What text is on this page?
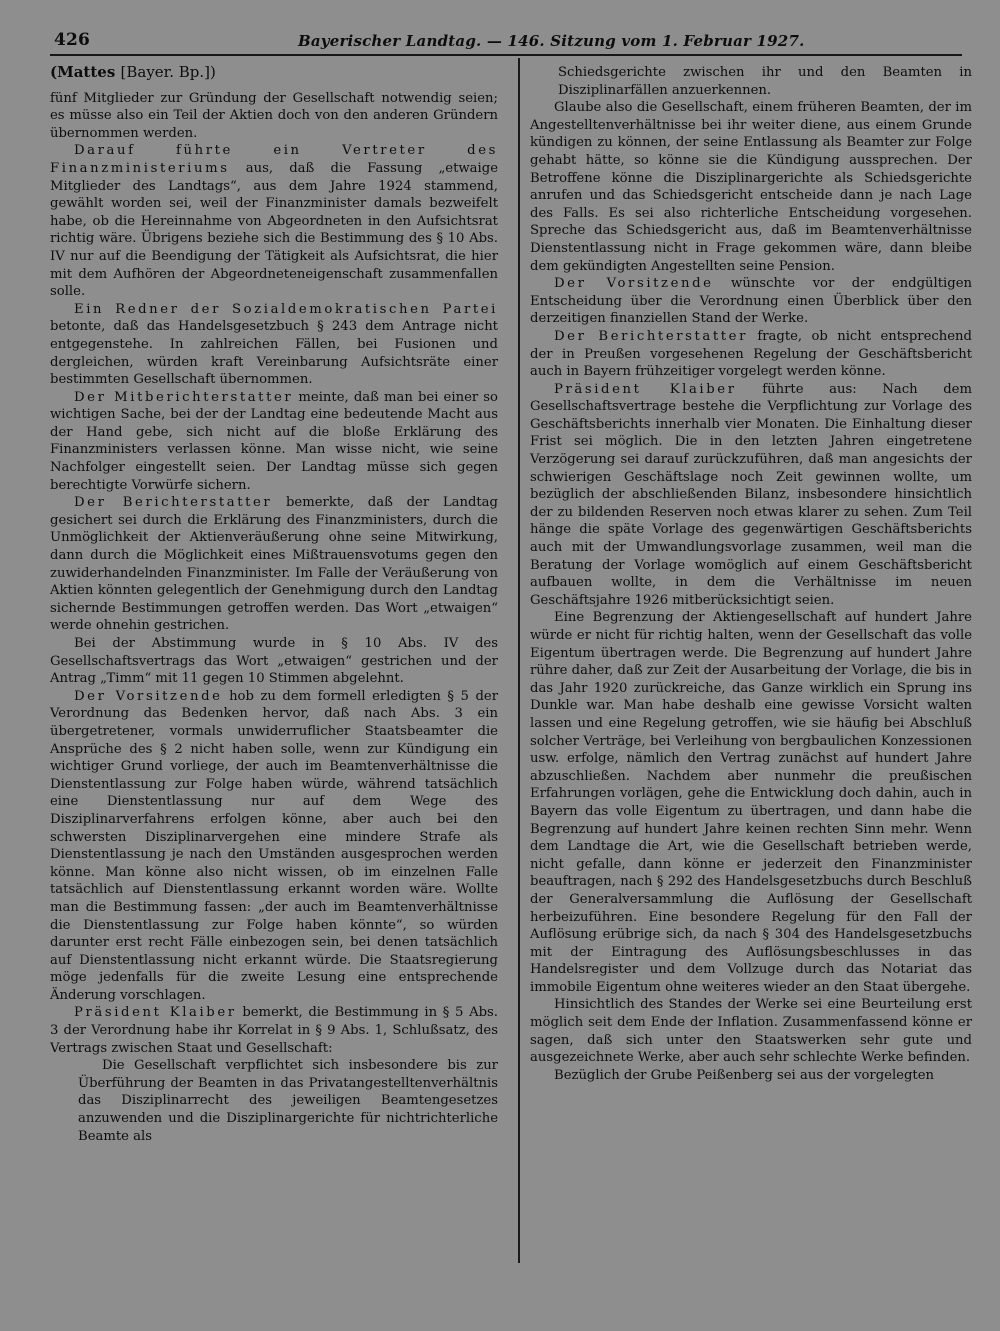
426	Bayerischer Landtag. — 146. Sitzung vom 1. Februar 1927.
(Mattes [Bayer. Bp.])

fünf Mitglieder zur Gründung der Gesellschaft notwendig seien; es müsse also ein Teil der Aktien doch von den anderen Gründern übernommen werden.

Darauf führte ein Vertreter des Finanzministeriums aus, daß die Fassung „etwaige Mitglieder des Landtags“, aus dem Jahre 1924 stammend, gewählt worden sei, weil der Finanzminister damals bezweifelt habe, ob die Hereinnahme von Abgeordneten in den Aufsichtsrat richtig wäre. Übrigens beziehe sich die Bestimmung des § 10 Abs. IV nur auf die Beendigung der Tätigkeit als Aufsichtsrat, die hier mit dem Aufhören der Abgeordneteneigenschaft zusammenfallen solle.

Ein Redner der Sozialdemokratischen Partei betonte, daß das Handelsgesetzbuch § 243 dem Antrage nicht entgegenstehe. In zahlreichen Fällen, bei Fusionen und dergleichen, würden kraft Vereinbarung Aufsichtsräte einer bestimmten Gesellschaft übernommen.

Der Mitberichterstatter meinte, daß man bei einer so wichtigen Sache, bei der der Landtag eine bedeutende Macht aus der Hand gebe, sich nicht auf die bloße Erklärung des Finanzministers verlassen könne. Man wisse nicht, wie seine Nachfolger eingestellt seien. Der Landtag müsse sich gegen berechtigte Vorwürfe sichern.

Der Berichterstatter bemerkte, daß der Landtag gesichert sei durch die Erklärung des Finanzministers, durch die Unmöglichkeit der Aktienveräußerung ohne seine Mitwirkung, dann durch die Möglichkeit eines Mißtrauensvotums gegen den zuwiderhandelnden Finanzminister. Im Falle der Veräußerung von Aktien könnten gelegentlich der Genehmigung durch den Landtag sichernde Bestimmungen getroffen werden. Das Wort „etwaigen“ werde ohnehin gestrichen.

Bei der Abstimmung wurde in § 10 Abs. IV des Gesellschaftsvertrags das Wort „etwaigen“ gestrichen und der Antrag „Timm“ mit 11 gegen 10 Stimmen abgelehnt.

Der Vorsitzende hob zu dem formell erledigten § 5 der Verordnung das Bedenken hervor, daß nach Abs. 3 ein übergetretener, vormals unwiderruflicher Staatsbeamter die Ansprüche des § 2 nicht haben solle, wenn zur Kündigung ein wichtiger Grund vorliege, der auch im Beamtenverhältnisse die Dienstentlassung zur Folge haben würde, während tatsächlich eine Dienstentlassung nur auf dem Wege des Disziplinarverfahrens erfolgen könne, aber auch bei den schwersten Disziplinarvergehen eine mindere Strafe als Dienstentlassung je nach den Umständen ausgesprochen werden könne. Man könne also nicht wissen, ob im einzelnen Falle tatsächlich auf Dienstentlassung erkannt worden wäre. Wollte man die Bestimmung fassen: „der auch im Beamtenverhältnisse die Dienstentlassung zur Folge haben könnte“, so würden darunter erst recht Fälle einbezogen sein, bei denen tatsächlich auf Dienstentlassung nicht erkannt würde. Die Staatsregierung möge jedenfalls für die zweite Lesung eine entsprechende Änderung vorschlagen.

Präsident Klaiber bemerkt, die Bestimmung in § 5 Abs. 3 der Verordnung habe ihr Korrelat in § 9 Abs. 1, Schlußsatz, des Vertrags zwischen Staat und Gesellschaft:

Die Gesellschaft verpflichtet sich insbesondere bis zur Überführung der Beamten in das Privatangestelltenverhältnis das Disziplinarrecht des jeweiligen Beamtengesetzes anzuwenden und die Disziplinargerichte für nichtrichterliche Beamte als

Schiedsgerichte zwischen ihr und den Beamten in Disziplinarfällen anzuerkennen.

Glaube also die Gesellschaft, einem früheren Beamten, der im Angestelltenverhältnisse bei ihr weiter diene, aus einem Grunde kündigen zu können, der seine Entlassung als Beamter zur Folge gehabt hätte, so könne sie die Kündigung aussprechen. Der Betroffene könne die Disziplinargerichte als Schiedsgerichte anrufen und das Schiedsgericht entscheide dann je nach Lage des Falls. Es sei also richterliche Entscheidung vorgesehen. Spreche das Schiedsgericht aus, daß im Beamtenverhältnisse Dienstentlassung nicht in Frage gekommen wäre, dann bleibe dem gekündigten Angestellten seine Pension.

Der Vorsitzende wünschte vor der endgültigen Entscheidung über die Verordnung einen Überblick über den derzeitigen finanziellen Stand der Werke.

Der Berichterstatter fragte, ob nicht entsprechend der in Preußen vorgesehenen Regelung der Geschäftsbericht auch in Bayern frühzeitiger vorgelegt werden könne.

Präsident Klaiber führte aus: Nach dem Gesellschaftsvertrage bestehe die Verpflichtung zur Vorlage des Geschäftsberichts innerhalb vier Monaten. Die Einhaltung dieser Frist sei möglich. Die in den letzten Jahren eingetretene Verzögerung sei darauf zurückzuführen, daß man angesichts der schwierigen Geschäftslage noch Zeit gewinnen wollte, um bezüglich der abschließenden Bilanz, insbesondere hinsichtlich der zu bildenden Reserven noch etwas klarer zu sehen. Zum Teil hänge die späte Vorlage des gegenwärtigen Geschäftsberichts auch mit der Umwandlungsvorlage zusammen, weil man die Beratung der Vorlage womöglich auf einem Geschäftsbericht aufbauen wollte, in dem die Verhältnisse im neuen Geschäftsjahre 1926 mitberücksichtigt seien.

Eine Begrenzung der Aktiengesellschaft auf hundert Jahre würde er nicht für richtig halten, wenn der Gesellschaft das volle Eigentum übertragen werde. Die Begrenzung auf hundert Jahre rühre daher, daß zur Zeit der Ausarbeitung der Vorlage, die bis in das Jahr 1920 zurückreiche, das Ganze wirklich ein Sprung ins Dunkle war. Man habe deshalb eine gewisse Vorsicht walten lassen und eine Regelung getroffen, wie sie häufig bei Abschluß solcher Verträge, bei Verleihung von bergbaulichen Konzessionen usw. erfolge, nämlich den Vertrag zunächst auf hundert Jahre abzuschließen. Nachdem aber nunmehr die preußischen Erfahrungen vorlägen, gehe die Entwicklung doch dahin, auch in Bayern das volle Eigentum zu übertragen, und dann habe die Begrenzung auf hundert Jahre keinen rechten Sinn mehr. Wenn dem Landtage die Art, wie die Gesellschaft betrieben werde, nicht gefalle, dann könne er jederzeit den Finanzminister beauftragen, nach § 292 des Handelsgesetzbuchs durch Beschluß der Generalversammlung die Auflösung der Gesellschaft herbeizuführen. Eine besondere Regelung für den Fall der Auflösung erübrige sich, da nach § 304 des Handelsgesetzbuchs mit der Eintragung des Auflösungsbeschlusses in das Handelsregister und dem Vollzuge durch das Notariat das immobile Eigentum ohne weiteres wieder an den Staat übergehe.

Hinsichtlich des Standes der Werke sei eine Beurteilung erst möglich seit dem Ende der Inflation. Zusammenfassend könne er sagen, daß sich unter den Staatswerken sehr gute und ausgezeichnete Werke, aber auch sehr schlechte Werke befinden.

Bezüglich der Grube Peißenberg sei aus der vorgelegten
